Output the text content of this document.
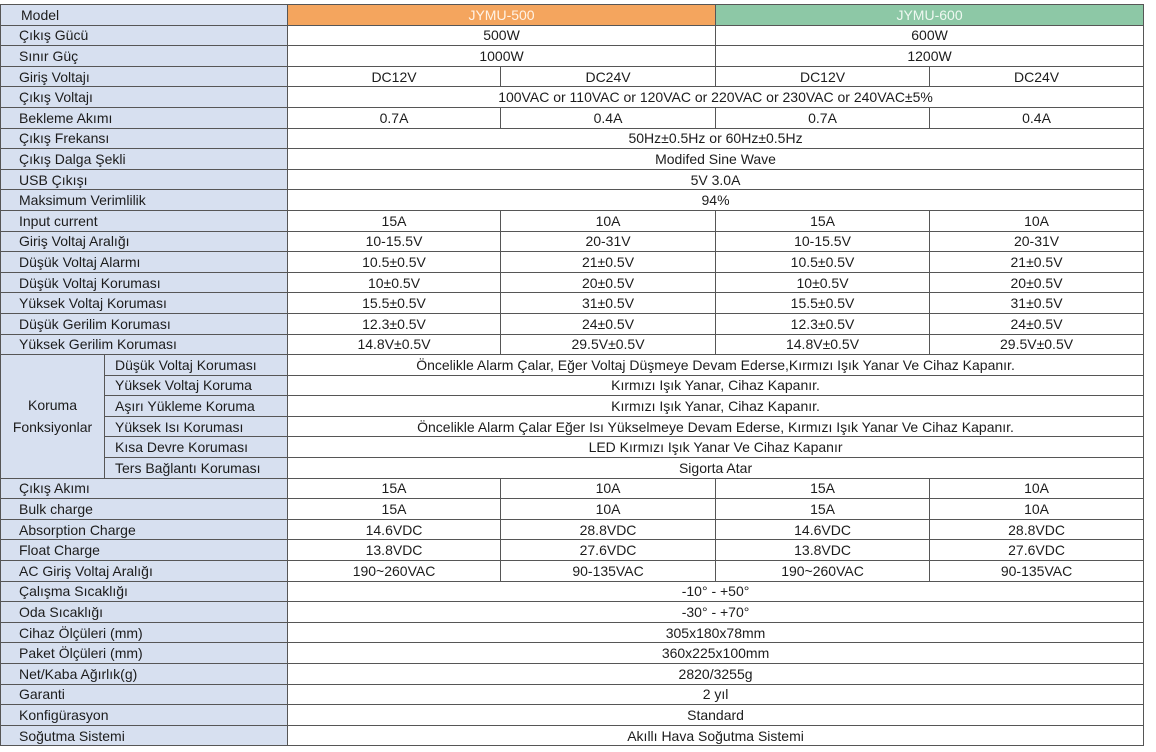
Model		JYMU-500		JYMU-600	
Çıkış Gücü		500W		600W	
Sınır Güç		1000W		1200W	
Giriş Voltajı		DC12V	DC24V	DC12V	DC24V
Çıkış Voltajı		100VAC or 110VAC or 120VAC or 220VAC or 230VAC or 240VAC±5%			
Bekleme Akımı		0.7A	0.4A	0.7A	0.4A
Çıkış Frekansı		50Hz±0.5Hz or 60Hz±0.5Hz			
Çıkış Dalga Şekli		Modifed Sine Wave			
USB Çıkışı		5V 3.0A			
Maksimum Verimlilik		94%			
Input current		15A	10A	15A	10A
Giriş Voltaj Aralığı		10-15.5V	20-31V	10-15.5V	20-31V
Düşük Voltaj Alarmı		10.5±0.5V	21±0.5V	10.5±0.5V	21±0.5V
Düşük Voltaj Koruması		10±0.5V	20±0.5V	10±0.5V	20±0.5V
Yüksek Voltaj Koruması		15.5±0.5V	31±0.5V	15.5±0.5V	31±0.5V
Düşük Gerilim Koruması		12.3±0.5V	24±0.5V	12.3±0.5V	24±0.5V
Yüksek Gerilim Koruması		14.8V±0.5V	29.5V±0.5V	14.8V±0.5V	29.5V±0.5V

Koruma
Fonksiyonlar	Düşük Voltaj Koruması	Öncelikle Alarm Çalar, Eğer Voltaj Düşmeye Devam Ederse,Kırmızı Işık Yanar Ve Cihaz Kapanır.			
	Yüksek Voltaj Koruma	Kırmızı Işık Yanar, Cihaz Kapanır.			
	Aşırı Yükleme Koruma	Kırmızı Işık Yanar, Cihaz Kapanır.			
	Yüksek Isı Koruması	Öncelikle Alarm Çalar Eğer Isı Yükselmeye Devam Ederse, Kırmızı Işık Yanar Ve Cihaz Kapanır.			
	Kısa Devre Koruması	LED Kırmızı Işık Yanar Ve Cihaz Kapanır			
	Ters Bağlantı Koruması	Sigorta Atar			
Çıkış Akımı		15A	10A	15A	10A
Bulk charge		15A	10A	15A	10A
Absorption Charge		14.6VDC	28.8VDC	14.6VDC	28.8VDC
Float Charge		13.8VDC	27.6VDC	13.8VDC	27.6VDC
AC Giriş Voltaj Aralığı		190~260VAC	90-135VAC	190~260VAC	90-135VAC
Çalışma Sıcaklığı		-10° - +50°			
Oda Sıcaklığı		-30° - +70°			
Cihaz Ölçüleri (mm)		305x180x78mm			
Paket Ölçüleri (mm)		360x225x100mm			
Net/Kaba Ağırlık(g)		2820/3255g			
Garanti		2 yıl			
Konfigürasyon		Standard			
Soğutma Sistemi		Akıllı Hava Soğutma Sistemi			
